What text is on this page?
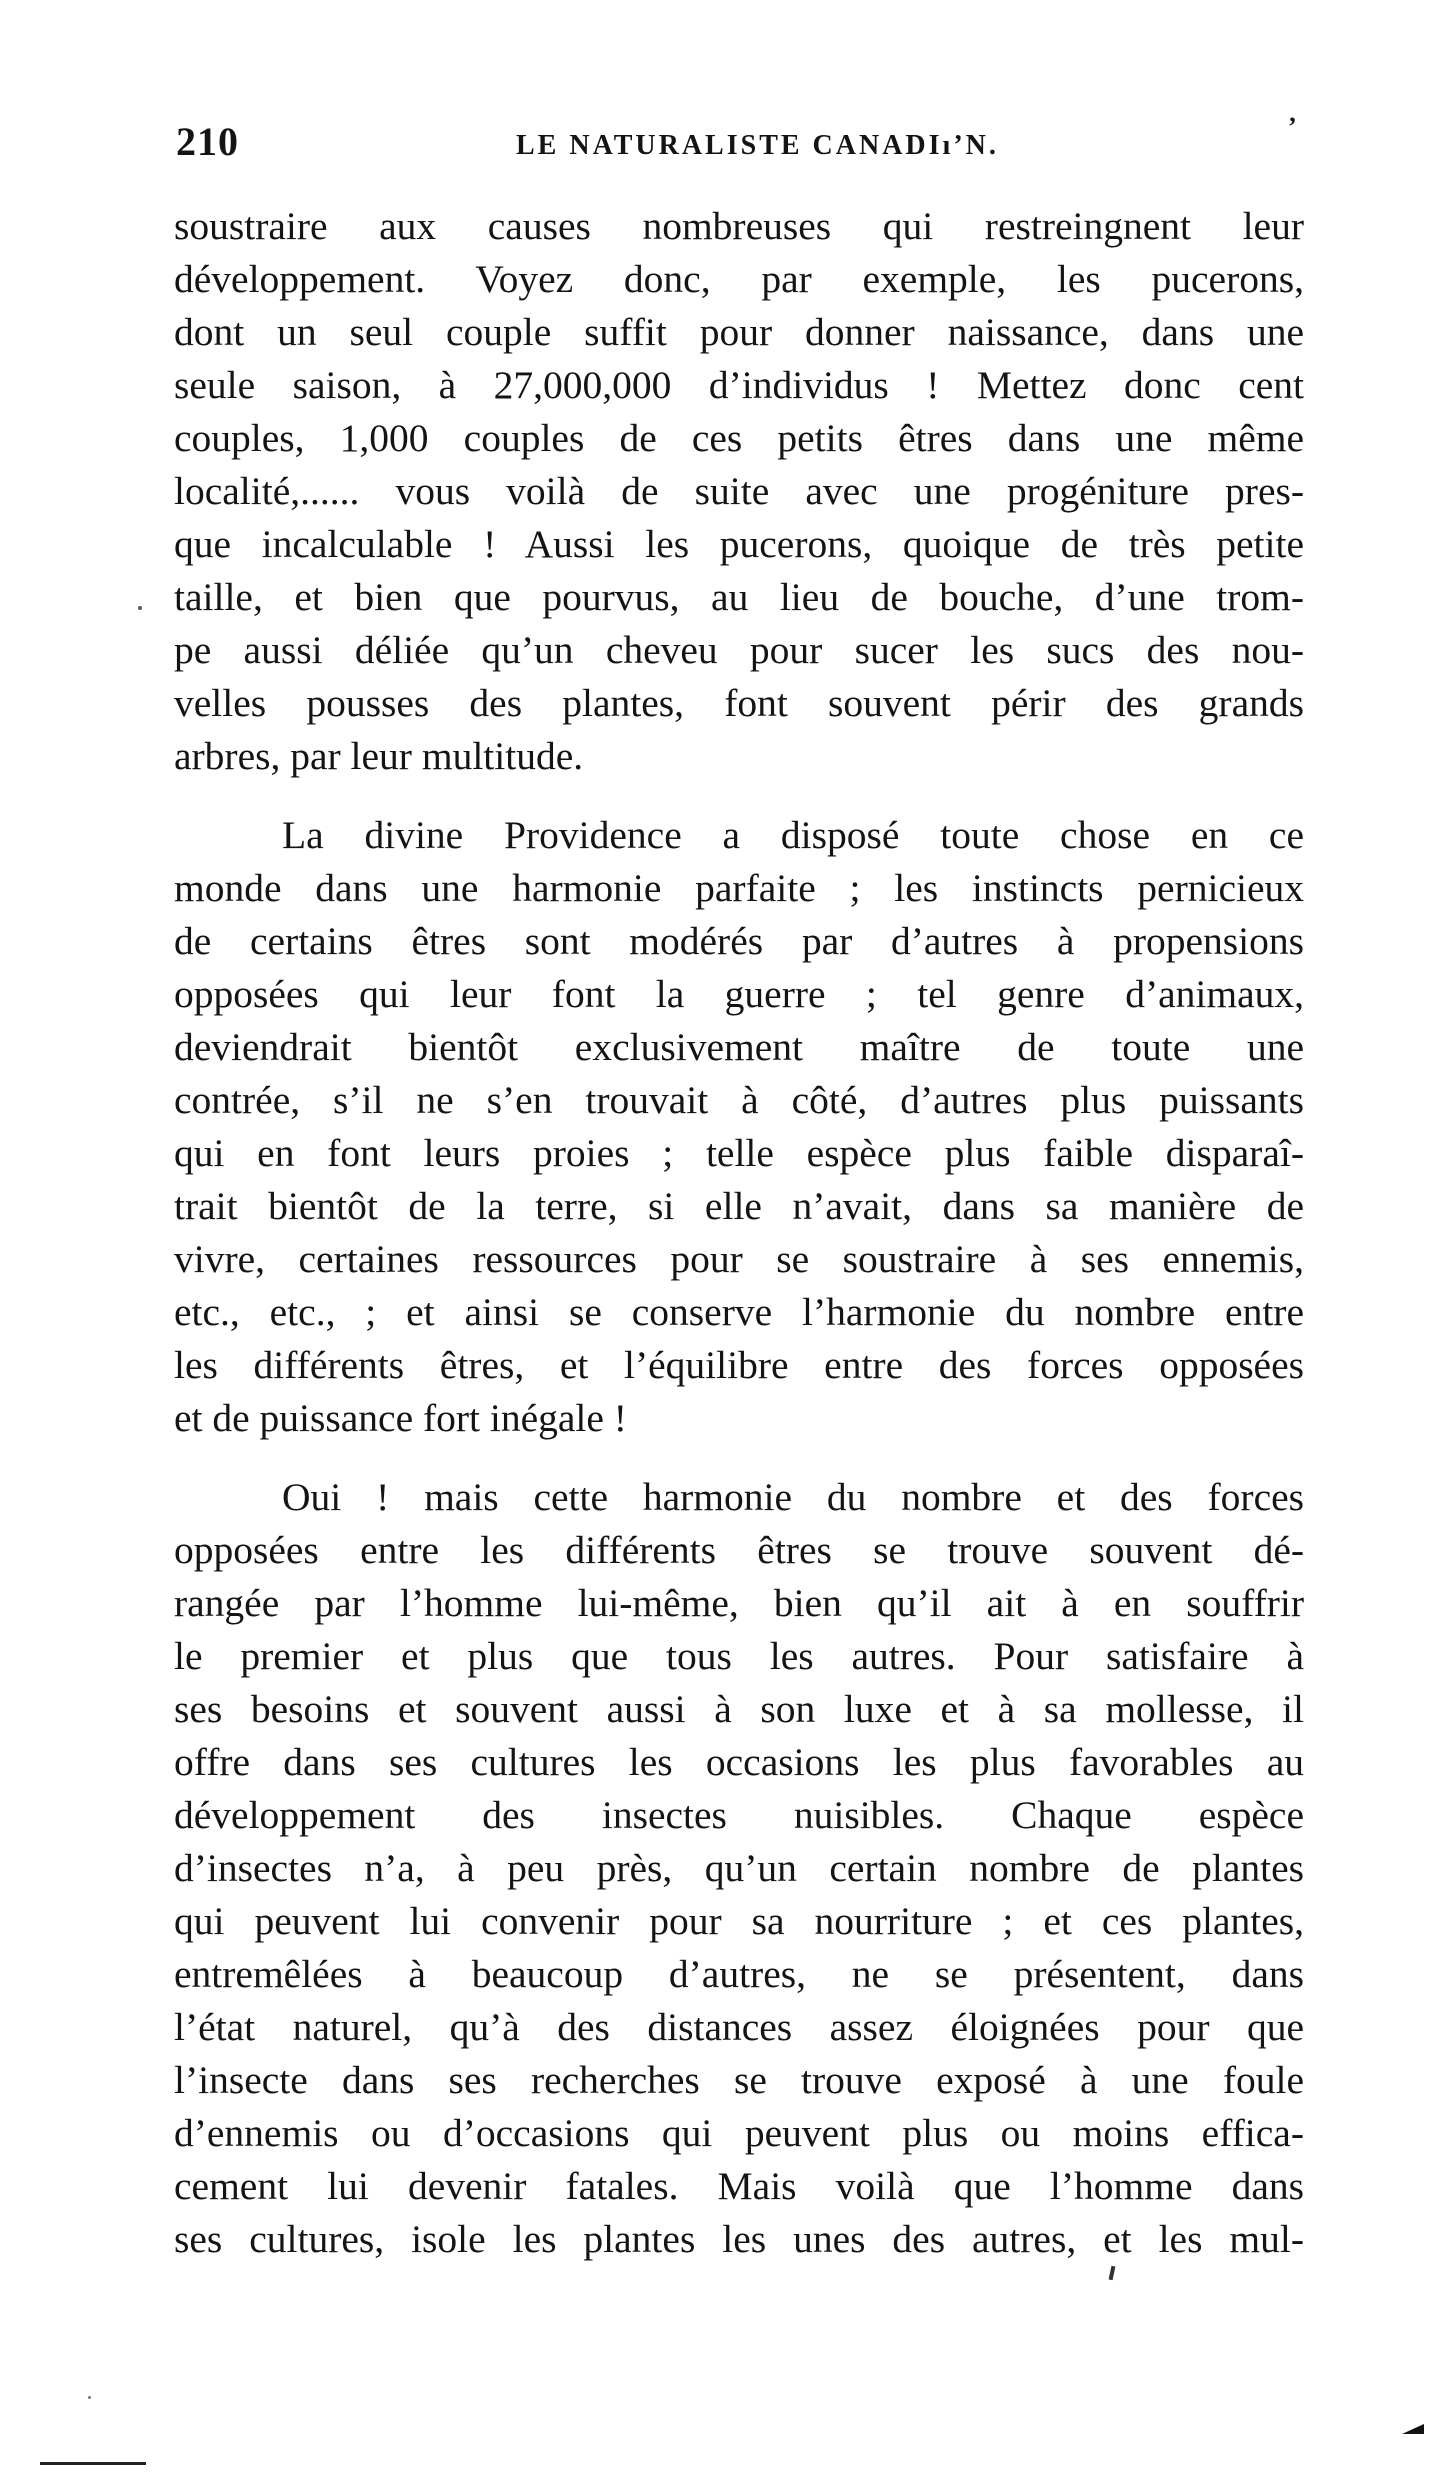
210	LE NATURALISTE CANADIı’N.
’
soustraire aux causes nombreuses qui restreingnent leur
développement. Voyez donc, par exemple, les pucerons,
dont un seul couple suffit pour donner naissance, dans une
seule saison, à 27,000,000 d’individus ! Mettez donc cent
couples, 1,000 couples de ces petits êtres dans une même
localité,...... vous voilà de suite avec une progéniture pres-
que incalculable ! Aussi les pucerons, quoique de très petite
taille, et bien que pourvus, au lieu de bouche, d’une trom-
pe aussi déliée qu’un cheveu pour sucer les sucs des nou-
velles pousses des plantes, font souvent périr des grands
arbres, par leur multitude.
La divine Providence a disposé toute chose en ce
monde dans une harmonie parfaite ; les instincts pernicieux
de certains êtres sont modérés par d’autres à propensions
opposées qui leur font la guerre ; tel genre d’animaux,
deviendrait bientôt exclusivement maître de toute une
contrée, s’il ne s’en trouvait à côté, d’autres plus puissants
qui en font leurs proies ; telle espèce plus faible disparaî-
trait bientôt de la terre, si elle n’avait, dans sa manière de
vivre, certaines ressources pour se soustraire à ses ennemis,
etc., etc., ; et ainsi se conserve l’harmonie du nombre entre
les différents êtres, et l’équilibre entre des forces opposées
et de puissance fort inégale !
Oui ! mais cette harmonie du nombre et des forces
opposées entre les différents êtres se trouve souvent dé-
rangée par l’homme lui-même, bien qu’il ait à en souffrir
le premier et plus que tous les autres. Pour satisfaire à
ses besoins et souvent aussi à son luxe et à sa mollesse, il
offre dans ses cultures les occasions les plus favorables au
développement des insectes nuisibles. Chaque espèce
d’insectes n’a, à peu près, qu’un certain nombre de plantes
qui peuvent lui convenir pour sa nourriture ; et ces plantes,
entremêlées à beaucoup d’autres, ne se présentent, dans
l’état naturel, qu’à des distances assez éloignées pour que
l’insecte dans ses recherches se trouve exposé à une foule
d’ennemis ou d’occasions qui peuvent plus ou moins effica-
cement lui devenir fatales. Mais voilà que l’homme dans
ses cultures, isole les plantes les unes des autres, et les mul-
